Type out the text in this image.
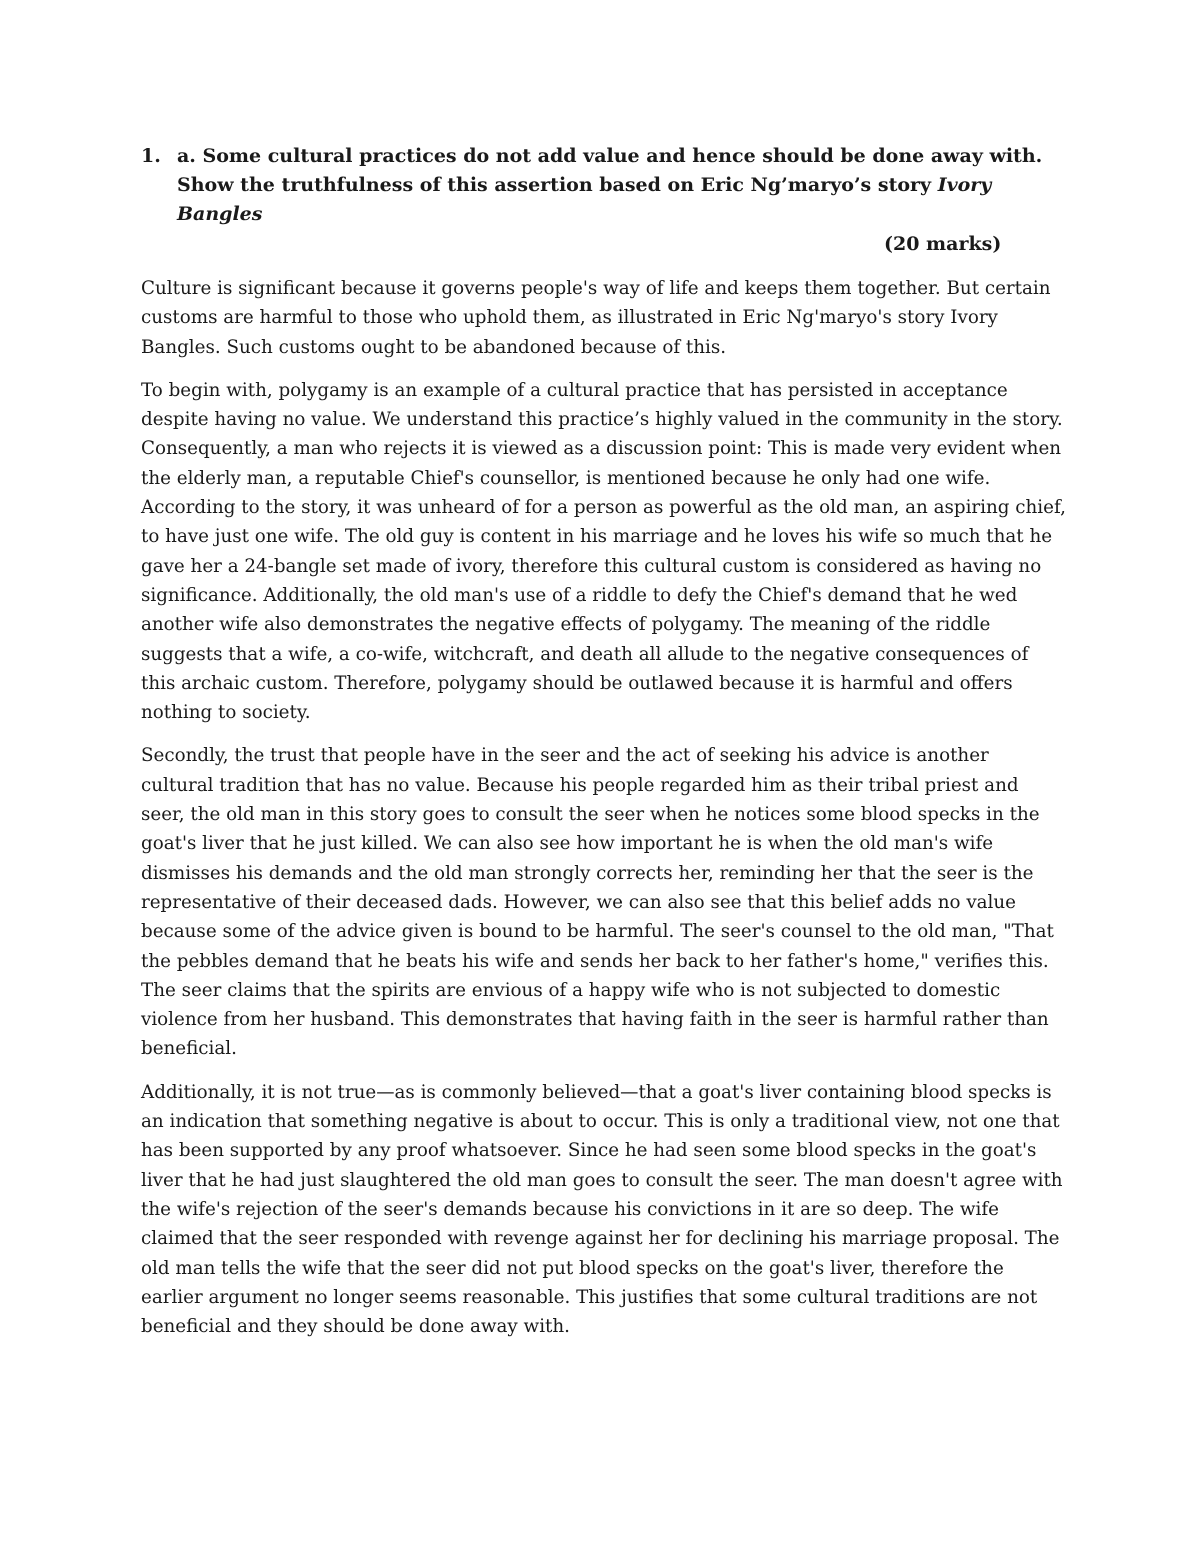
1. a. Some cultural practices do not add value and hence should be done away with. Show the truthfulness of this assertion based on Eric Ng’maryo’s story Ivory Bangles
(20 marks)

Culture is significant because it governs people's way of life and keeps them together. But certain customs are harmful to those who uphold them, as illustrated in Eric Ng'maryo's story Ivory Bangles. Such customs ought to be abandoned because of this.

To begin with, polygamy is an example of a cultural practice that has persisted in acceptance despite having no value. We understand this practice’s highly valued in the community in the story. Consequently, a man who rejects it is viewed as a discussion point: This is made very evident when the elderly man, a reputable Chief's counsellor, is mentioned because he only had one wife. According to the story, it was unheard of for a person as powerful as the old man, an aspiring chief, to have just one wife. The old guy is content in his marriage and he loves his wife so much that he gave her a 24-bangle set made of ivory, therefore this cultural custom is considered as having no significance. Additionally, the old man's use of a riddle to defy the Chief's demand that he wed another wife also demonstrates the negative effects of polygamy. The meaning of the riddle suggests that a wife, a co-wife, witchcraft, and death all allude to the negative consequences of this archaic custom. Therefore, polygamy should be outlawed because it is harmful and offers nothing to society.

Secondly, the trust that people have in the seer and the act of seeking his advice is another cultural tradition that has no value. Because his people regarded him as their tribal priest and seer, the old man in this story goes to consult the seer when he notices some blood specks in the goat's liver that he just killed. We can also see how important he is when the old man's wife dismisses his demands and the old man strongly corrects her, reminding her that the seer is the representative of their deceased dads. However, we can also see that this belief adds no value because some of the advice given is bound to be harmful. The seer's counsel to the old man, "That the pebbles demand that he beats his wife and sends her back to her father's home," verifies this. The seer claims that the spirits are envious of a happy wife who is not subjected to domestic violence from her husband. This demonstrates that having faith in the seer is harmful rather than beneficial.

Additionally, it is not true—as is commonly believed—that a goat's liver containing blood specks is an indication that something negative is about to occur. This is only a traditional view, not one that has been supported by any proof whatsoever. Since he had seen some blood specks in the goat's liver that he had just slaughtered the old man goes to consult the seer. The man doesn't agree with the wife's rejection of the seer's demands because his convictions in it are so deep. The wife claimed that the seer responded with revenge against her for declining his marriage proposal. The old man tells the wife that the seer did not put blood specks on the goat's liver, therefore the earlier argument no longer seems reasonable. This justifies that some cultural traditions are not beneficial and they should be done away with.
